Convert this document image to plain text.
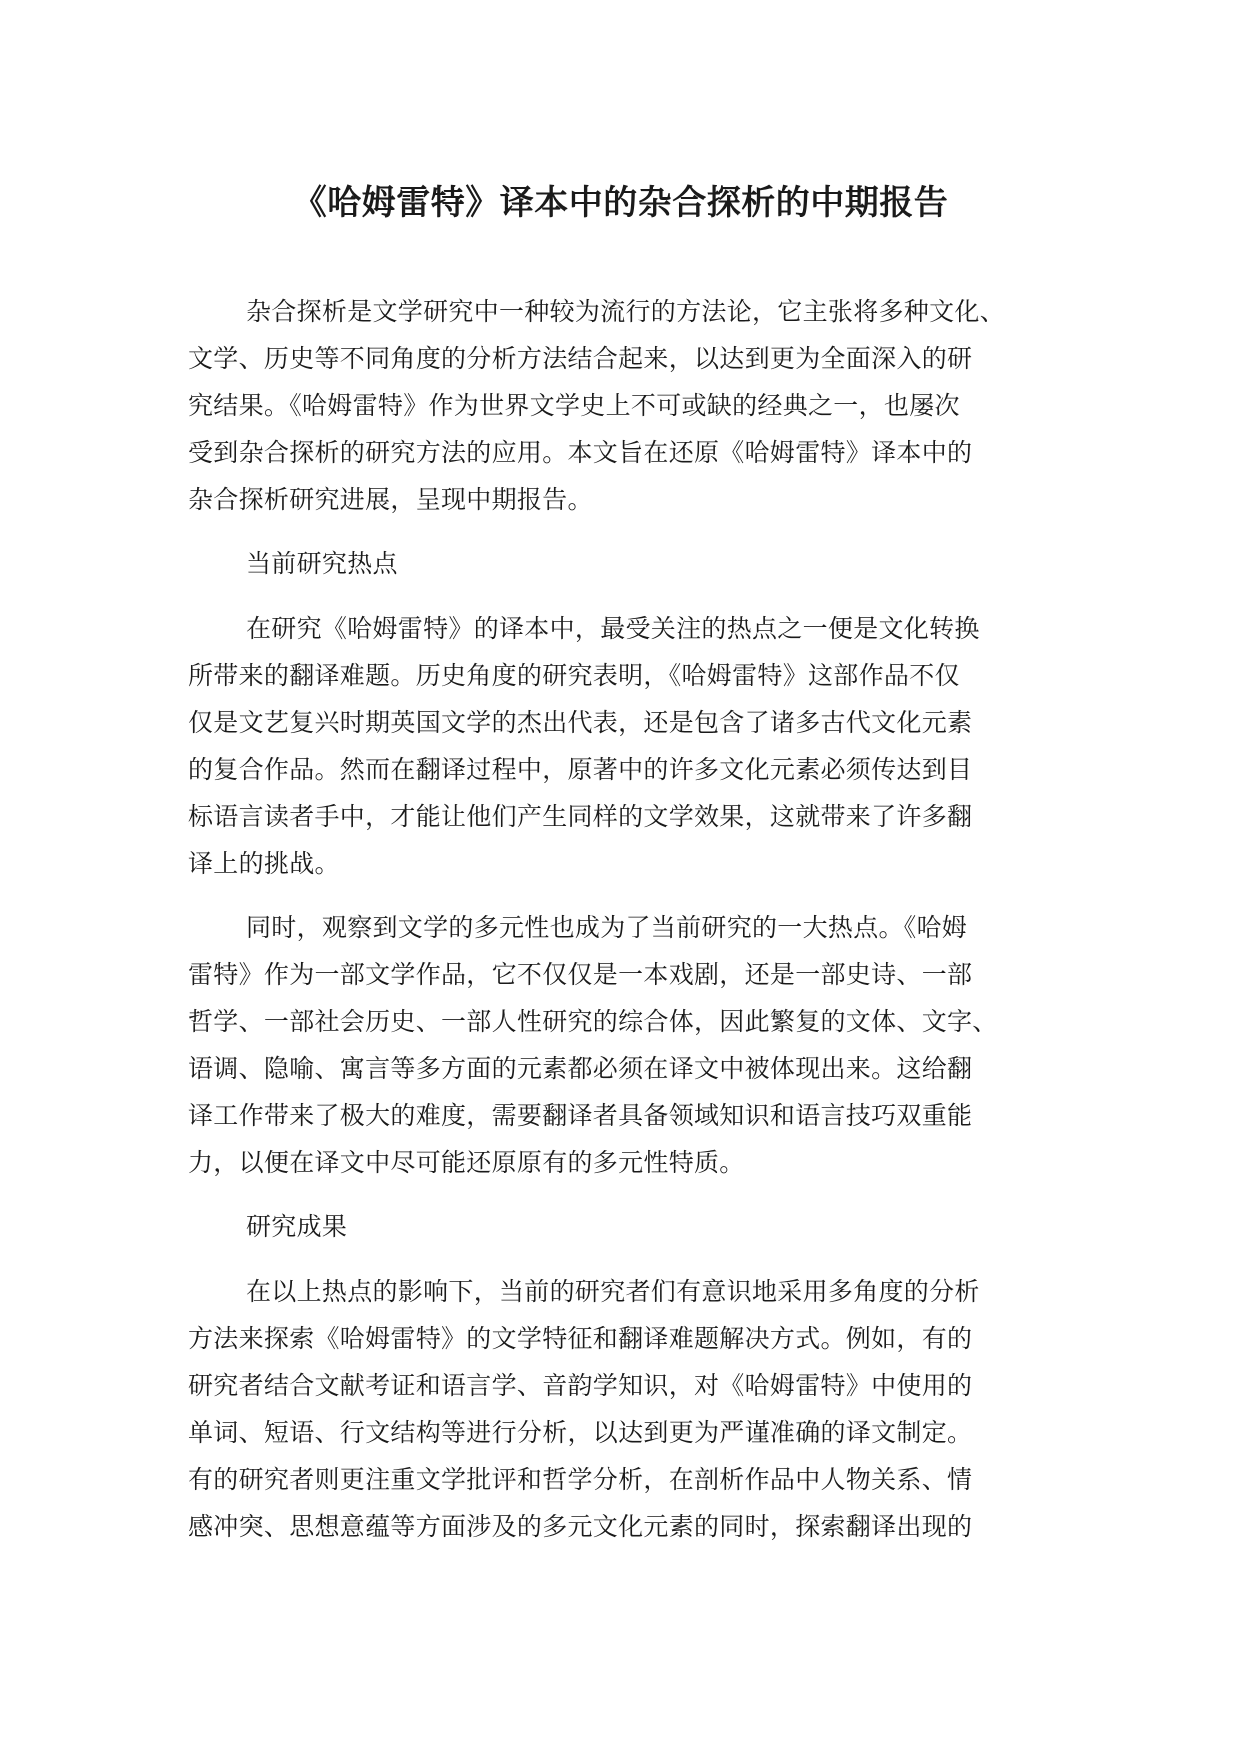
《哈姆雷特》译本中的杂合探析的中期报告
杂合探析是文学研究中一种较为流行的方法论，它主张将多种文化、
文学、历史等不同角度的分析方法结合起来，以达到更为全面深入的研
究结果。《哈姆雷特》作为世界文学史上不可或缺的经典之一，也屡次
受到杂合探析的研究方法的应用。本文旨在还原《哈姆雷特》译本中的
杂合探析研究进展，呈现中期报告。
当前研究热点
在研究《哈姆雷特》的译本中，最受关注的热点之一便是文化转换
所带来的翻译难题。历史角度的研究表明，《哈姆雷特》这部作品不仅
仅是文艺复兴时期英国文学的杰出代表，还是包含了诸多古代文化元素
的复合作品。然而在翻译过程中，原著中的许多文化元素必须传达到目
标语言读者手中，才能让他们产生同样的文学效果，这就带来了许多翻
译上的挑战。
同时，观察到文学的多元性也成为了当前研究的一大热点。《哈姆
雷特》作为一部文学作品，它不仅仅是一本戏剧，还是一部史诗、一部
哲学、一部社会历史、一部人性研究的综合体，因此繁复的文体、文字、
语调、隐喻、寓言等多方面的元素都必须在译文中被体现出来。这给翻
译工作带来了极大的难度，需要翻译者具备领域知识和语言技巧双重能
力，以便在译文中尽可能还原原有的多元性特质。
研究成果
在以上热点的影响下，当前的研究者们有意识地采用多角度的分析
方法来探索《哈姆雷特》的文学特征和翻译难题解决方式。例如，有的
研究者结合文献考证和语言学、音韵学知识，对《哈姆雷特》中使用的
单词、短语、行文结构等进行分析，以达到更为严谨准确的译文制定。
有的研究者则更注重文学批评和哲学分析，在剖析作品中人物关系、情
感冲突、思想意蕴等方面涉及的多元文化元素的同时，探索翻译出现的
